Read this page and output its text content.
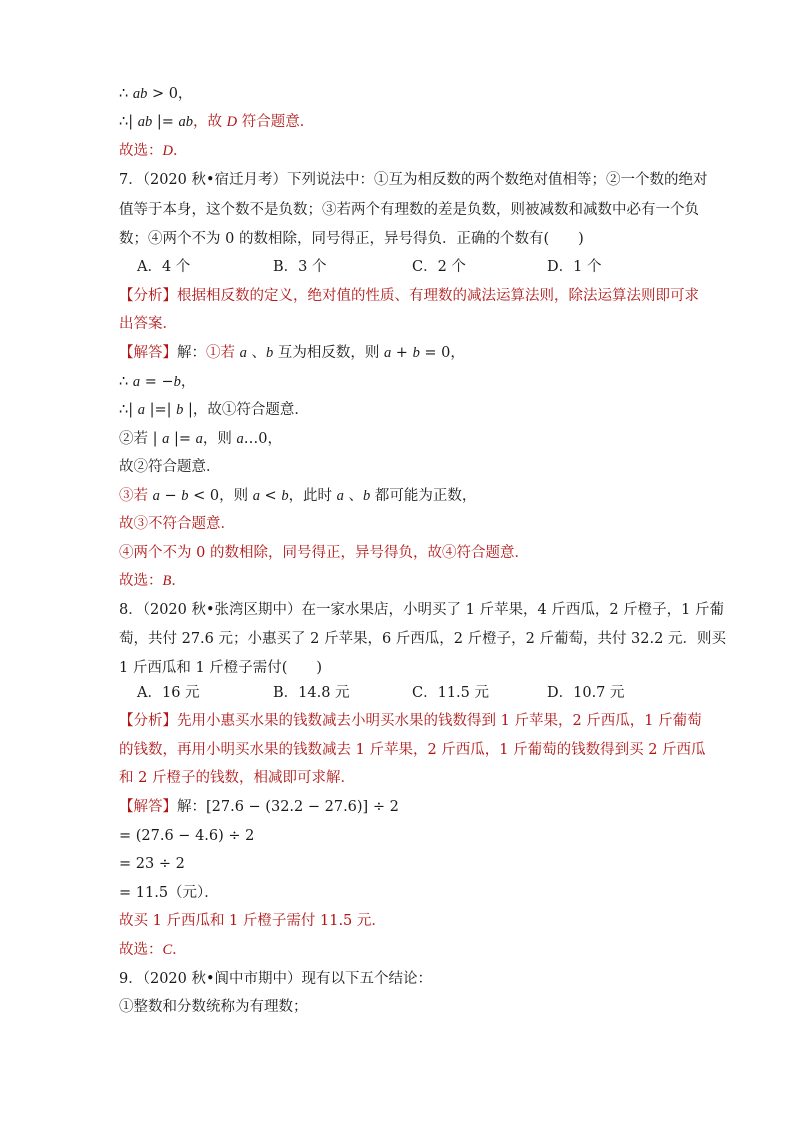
∴ ab > 0，
∴| ab |= ab，故 D 符合题意．
故选：D．
7．（2020 秋•宿迁月考）下列说法中：①互为相反数的两个数绝对值相等；②一个数的绝对
值等于本身，这个数不是负数；③若两个有理数的差是负数，则被减数和减数中必有一个负
数；④两个不为 0 的数相除，同号得正，异号得负．正确的个数有(　　)
【分析】根据相反数的定义，绝对值的性质、有理数的减法运算法则，除法运算法则即可求
出答案．
【解答】解：①若 a 、b 互为相反数，则 a + b = 0，
∴ a = −b，
∴| a |=| b |，故①符合题意．
②若 | a |= a，则 a…0，
故②符合题意．
③若 a − b < 0，则 a < b，此时 a 、b 都可能为正数，
故③不符合题意．
④两个不为 0 的数相除，同号得正，异号得负，故④符合题意．
故选：B．
8．（2020 秋•张湾区期中）在一家水果店，小明买了 1 斤苹果，4 斤西瓜，2 斤橙子，1 斤葡
萄，共付 27.6 元；小惠买了 2 斤苹果，6 斤西瓜，2 斤橙子，2 斤葡萄，共付 32.2 元．则买
1 斤西瓜和 1 斤橙子需付(　　)
【分析】先用小惠买水果的钱数减去小明买水果的钱数得到 1 斤苹果，2 斤西瓜，1 斤葡萄
的钱数，再用小明买水果的钱数减去 1 斤苹果，2 斤西瓜，1 斤葡萄的钱数得到买 2 斤西瓜
和 2 斤橙子的钱数，相减即可求解．
【解答】解：[27.6 − (32.2 − 27.6)] ÷ 2
= (27.6 − 4.6) ÷ 2
= 23 ÷ 2
= 11.5（元）．
故买 1 斤西瓜和 1 斤橙子需付 11.5 元．
故选：C．
9．（2020 秋•阆中市期中）现有以下五个结论：
①整数和分数统称为有理数；
A．4 个	B．3 个	C．2 个	D．1 个
A．16 元	B．14.8 元	C．11.5 元	D．10.7 元
